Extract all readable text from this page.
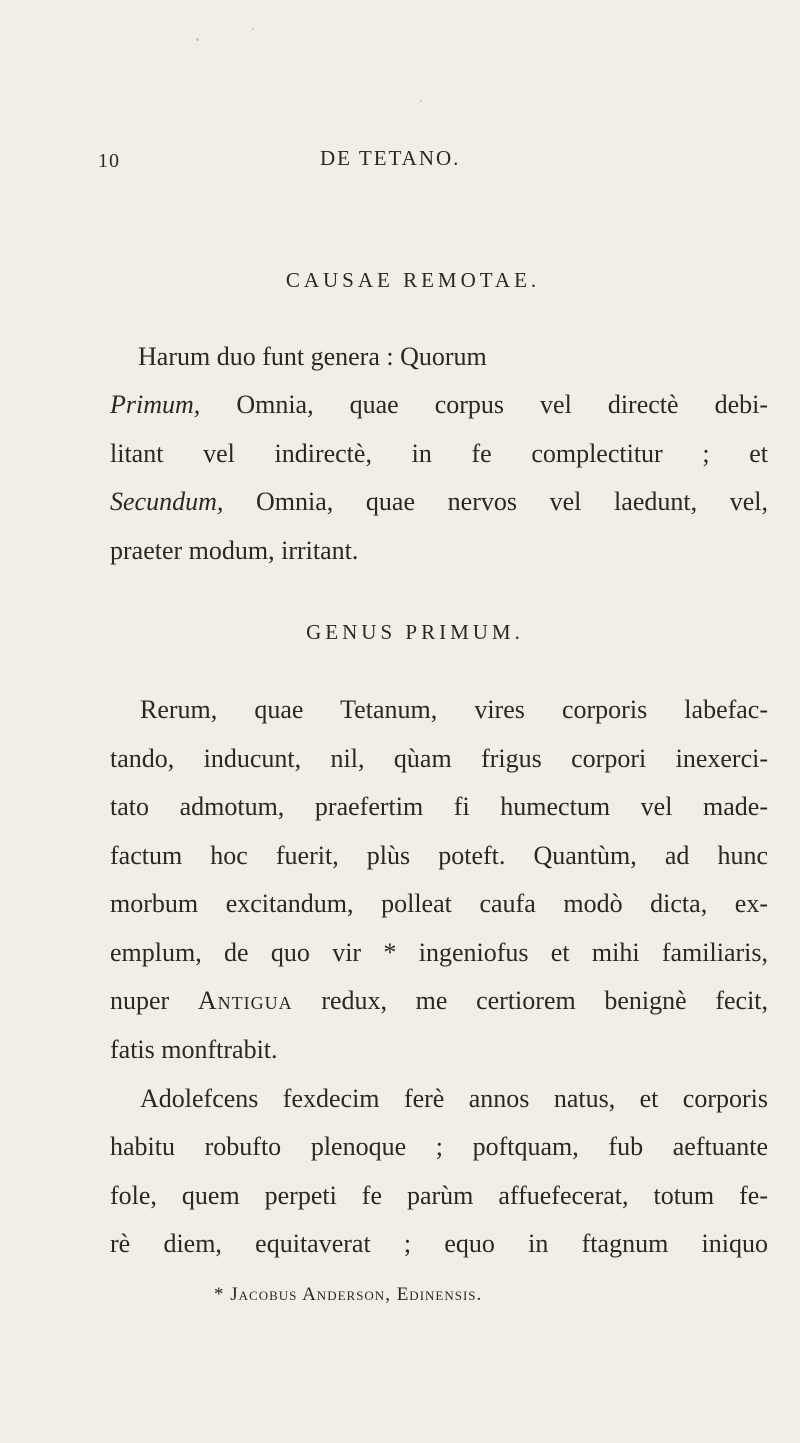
10	DE TETANO.
CAUSAE REMOTAE.
Harum duo funt genera : Quorum
Primum, Omnia, quae corpus vel directè debi-
litant vel indirectè, in fe complectitur ; et
Secundum, Omnia, quae nervos vel laedunt, vel,
praeter modum, irritant.
GENUS PRIMUM.
Rerum, quae Tetanum, vires corporis labefac-
tando, inducunt, nil, qùam frigus corpori inexerci-
tato admotum, praefertim fi humectum vel made-
factum hoc fuerit, plùs poteft. Quantùm, ad hunc
morbum excitandum, polleat caufa modò dicta, ex-
emplum, de quo vir * ingeniofus et mihi familiaris,
nuper Antigua redux, me certiorem benignè fecit,
fatis monftrabit.
Adolefcens fexdecim ferè annos natus, et corporis
habitu robufto plenoque ; poftquam, fub aeftuante
fole, quem perpeti fe parùm affuefecerat, totum fe-
rè diem, equitaverat ; equo in ftagnum iniquo
* Jacobus Anderson, Edinensis.
